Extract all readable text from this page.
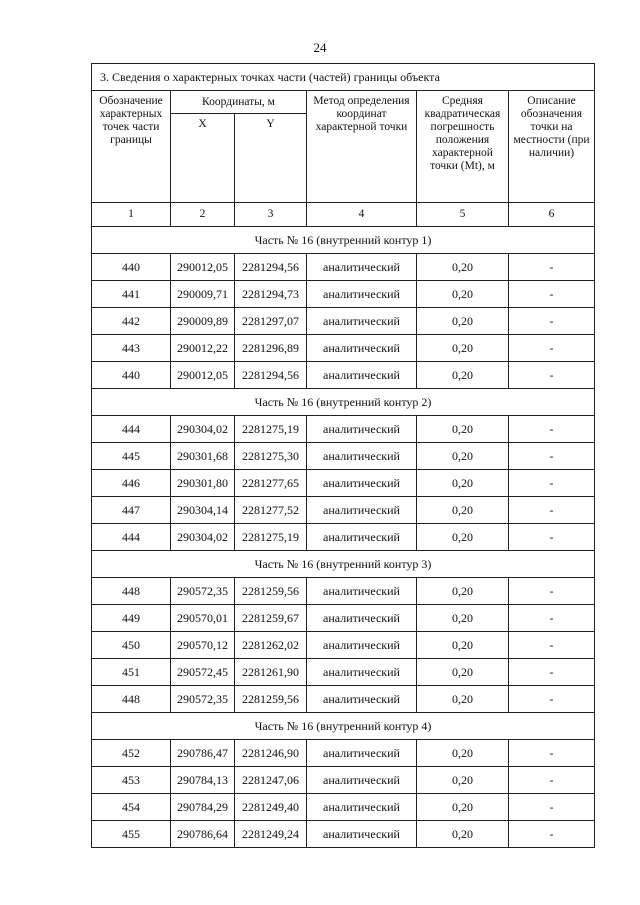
24
3. Сведения о характерных точках части (частей) границы объекта					
Обозначение характерных точек части границы	Координаты, м		Метод определения координат характерной точки	Средняя квадратическая погрешность положения характерной точки (Mt), м	Описание обозначения точки на местности (при наличии)
	X	Y			
1	2	3	4	5	6
Часть № 16 (внутренний контур 1)					
440	290012,05	2281294,56	аналитический	0,20	-
441	290009,71	2281294,73	аналитический	0,20	-
442	290009,89	2281297,07	аналитический	0,20	-
443	290012,22	2281296,89	аналитический	0,20	-
440	290012,05	2281294,56	аналитический	0,20	-
Часть № 16 (внутренний контур 2)					
444	290304,02	2281275,19	аналитический	0,20	-
445	290301,68	2281275,30	аналитический	0,20	-
446	290301,80	2281277,65	аналитический	0,20	-
447	290304,14	2281277,52	аналитический	0,20	-
444	290304,02	2281275,19	аналитический	0,20	-
Часть № 16 (внутренний контур 3)					
448	290572,35	2281259,56	аналитический	0,20	-
449	290570,01	2281259,67	аналитический	0,20	-
450	290570,12	2281262,02	аналитический	0,20	-
451	290572,45	2281261,90	аналитический	0,20	-
448	290572,35	2281259,56	аналитический	0,20	-
Часть № 16 (внутренний контур 4)					
452	290786,47	2281246,90	аналитический	0,20	-
453	290784,13	2281247,06	аналитический	0,20	-
454	290784,29	2281249,40	аналитический	0,20	-
455	290786,64	2281249,24	аналитический	0,20	-
